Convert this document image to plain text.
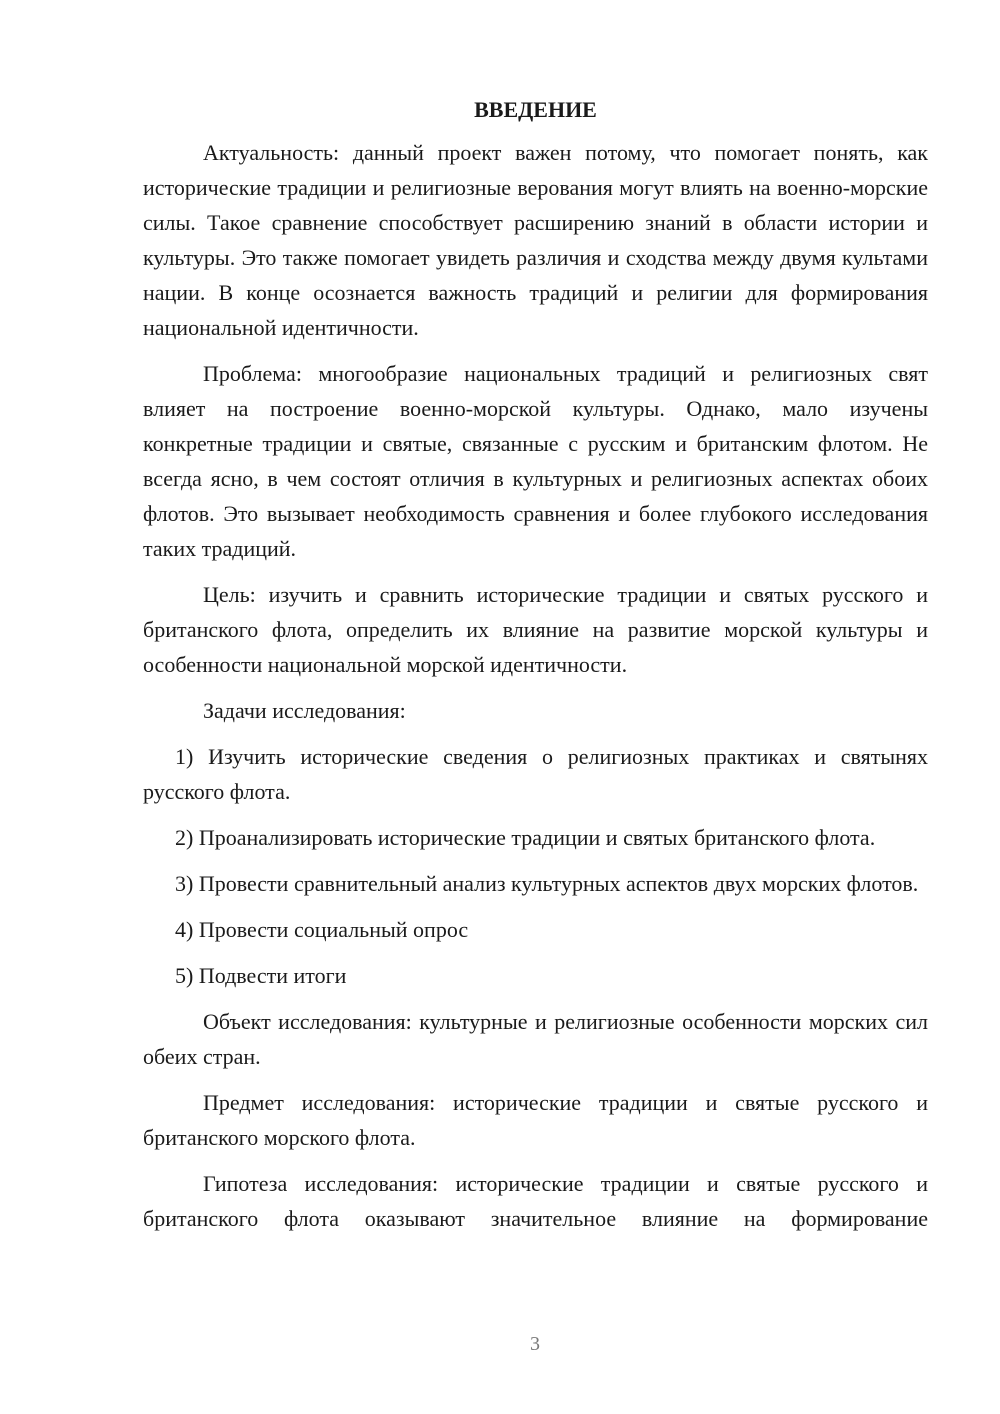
ВВЕДЕНИЕ

Актуальность: данный проект важен потому, что помогает понять, как исторические традиции и религиозные верования могут влиять на военно-морские силы. Такое сравнение способствует расширению знаний в области истории и культуры. Это также помогает увидеть различия и сходства между двумя культами нации. В конце осознается важность традиций и религии для формирования национальной идентичности.

Проблема: многообразие национальных традиций и религиозных свят влияет на построение военно-морской культуры. Однако, мало изучены конкретные традиции и святые, связанные с русским и британским флотом. Не всегда ясно, в чем состоят отличия в культурных и религиозных аспектах обоих флотов. Это вызывает необходимость сравнения и более глубокого исследования таких традиций.

Цель: изучить и сравнить исторические традиции и святых русского и британского флота, определить их влияние на развитие морской культуры и особенности национальной морской идентичности.

Задачи исследования:

1) Изучить исторические сведения о религиозных практиках и святынях русского флота.

2) Проанализировать исторические традиции и святых британского флота.

3) Провести сравнительный анализ культурных аспектов двух морских флотов.

4) Провести социальный опрос

5) Подвести итоги

Объект исследования: культурные и религиозные особенности морских сил обеих стран.

Предмет исследования: исторические традиции и святые русского и британского морского флота.

Гипотеза исследования: исторические традиции и святые русского и британского флота оказывают значительное влияние на формирование

3
